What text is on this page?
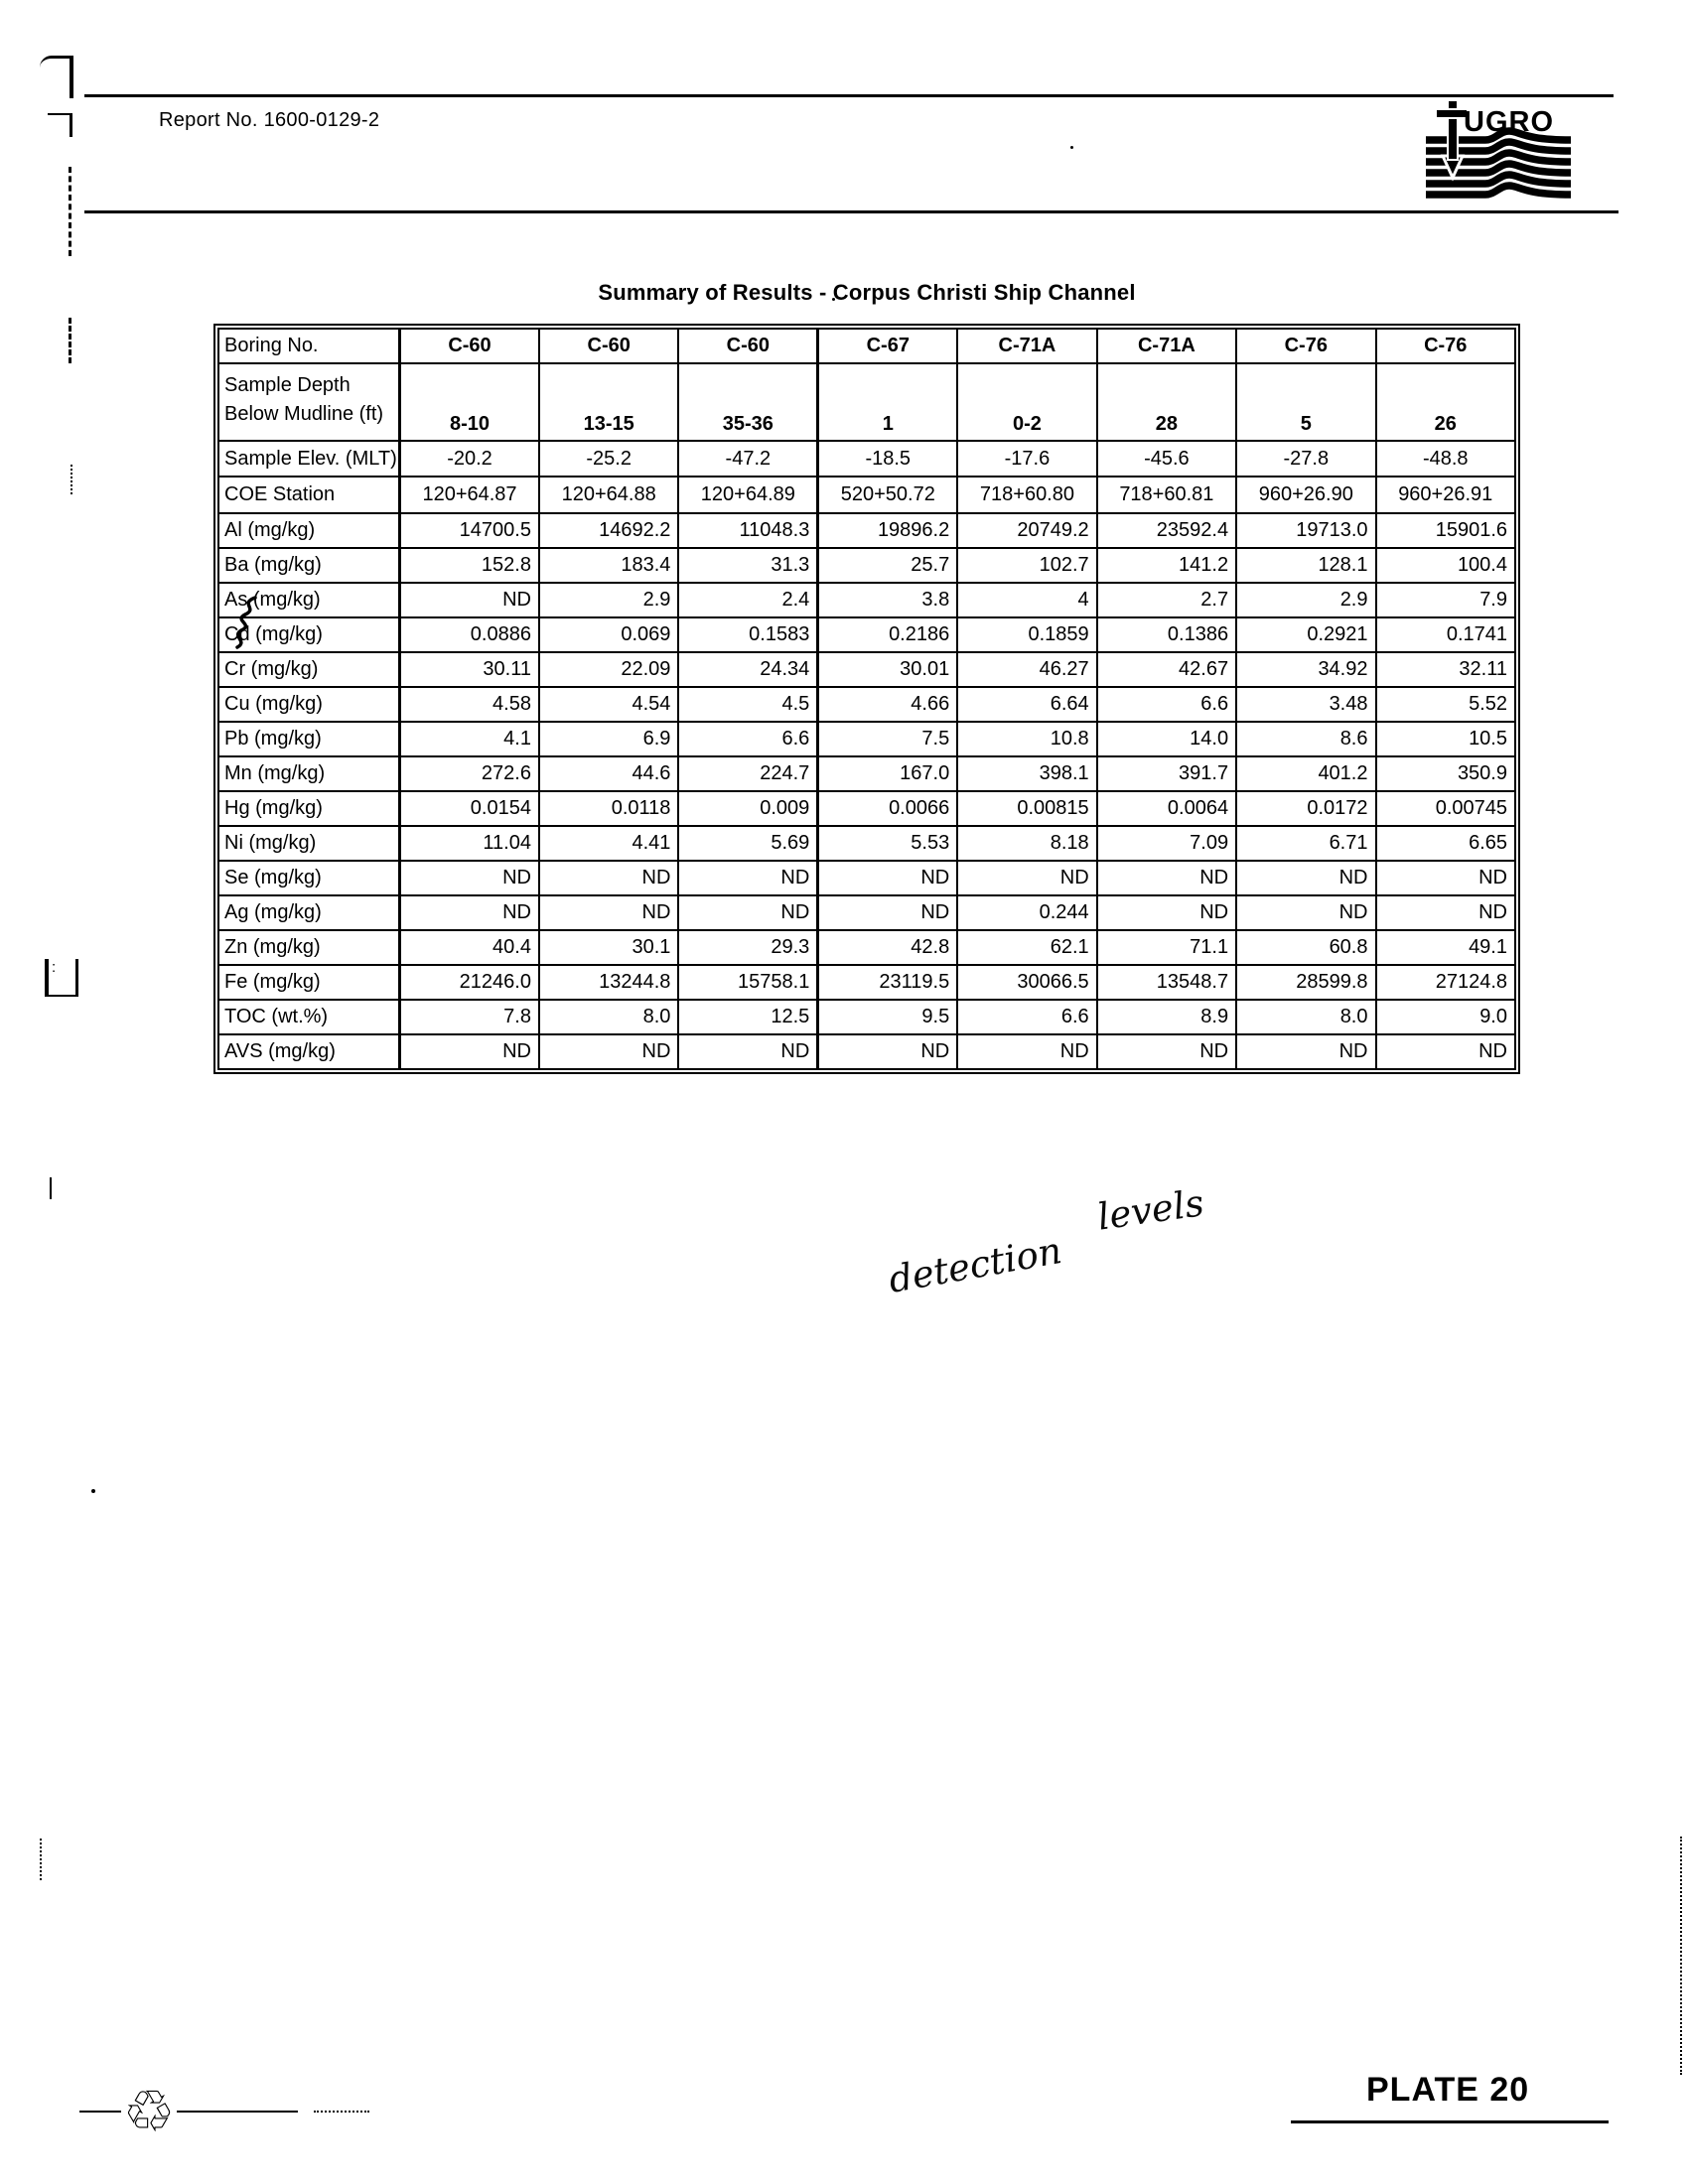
:
Report No. 1600-0129-2	UGRO
Summary of Results - Corpus Christi Ship Channel
Boring No.	C-60	C-60	C-60	C-67	C-71A	C-71A	C-76	C-76
Sample Depth Below Mudline (ft)	8-10	13-15	35-36	1	0-2	28	5	26
Sample Elev. (MLT)	-20.2	-25.2	-47.2	-18.5	-17.6	-45.6	-27.8	-48.8
COE Station	120+64.87	120+64.88	120+64.89	520+50.72	718+60.80	718+60.81	960+26.90	960+26.91
Al (mg/kg)	14700.5	14692.2	11048.3	19896.2	20749.2	23592.4	19713.0	15901.6
Ba (mg/kg)	152.8	183.4	31.3	25.7	102.7	141.2	128.1	100.4
As (mg/kg)	ND	2.9	2.4	3.8	4	2.7	2.9	7.9
Cd (mg/kg)	0.0886	0.069	0.1583	0.2186	0.1859	0.1386	0.2921	0.1741
Cr (mg/kg)	30.11	22.09	24.34	30.01	46.27	42.67	34.92	32.11
Cu (mg/kg)	4.58	4.54	4.5	4.66	6.64	6.6	3.48	5.52
Pb (mg/kg)	4.1	6.9	6.6	7.5	10.8	14.0	8.6	10.5
Mn (mg/kg)	272.6	44.6	224.7	167.0	398.1	391.7	401.2	350.9
Hg (mg/kg)	0.0154	0.0118	0.009	0.0066	0.00815	0.0064	0.0172	0.00745
Ni (mg/kg)	11.04	4.41	5.69	5.53	8.18	7.09	6.71	6.65
Se (mg/kg)	ND	ND	ND	ND	ND	ND	ND	ND
Ag (mg/kg)	ND	ND	ND	ND	0.244	ND	ND	ND
Zn (mg/kg)	40.4	30.1	29.3	42.8	62.1	71.1	60.8	49.1
Fe (mg/kg)	21246.0	13244.8	15758.1	23119.5	30066.5	13548.7	28599.8	27124.8
TOC (wt.%)	7.8	8.0	12.5	9.5	6.6	8.9	8.0	9.0
AVS (mg/kg)	ND	ND	ND	ND	ND	ND	ND	ND
detection levels
PLATE 20
♲
